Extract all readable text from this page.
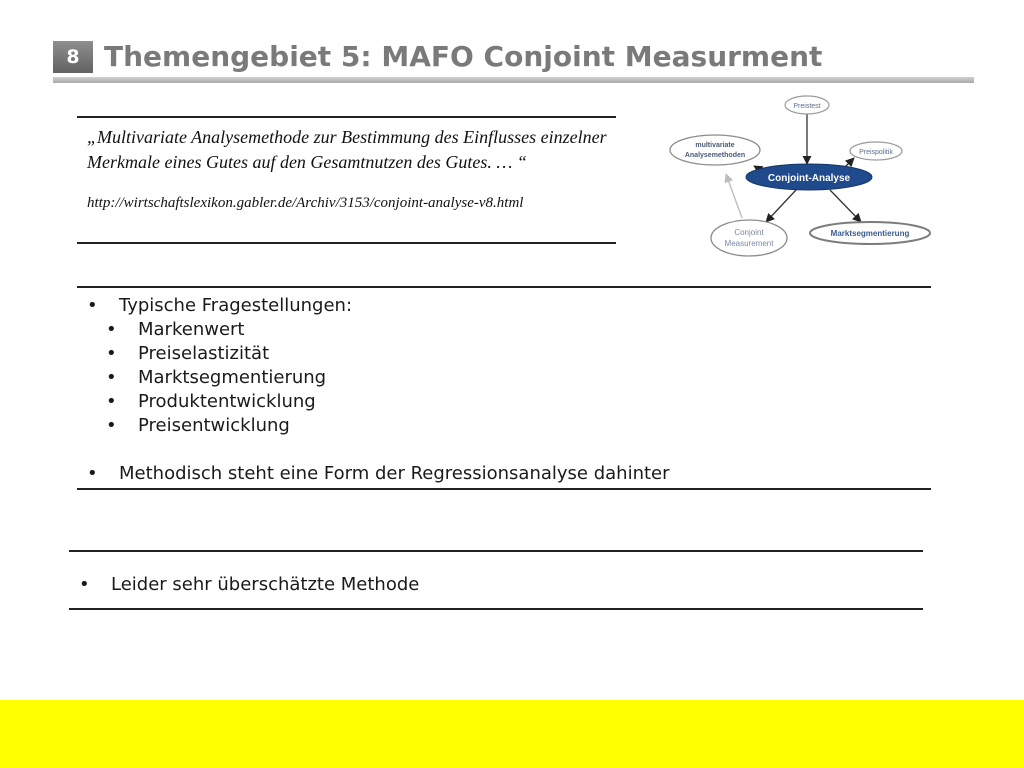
8 Themengebiet 5: MAFO Conjoint Measurment

„Multivariate Analysemethode zur Bestimmung des Einflusses einzelner Merkmale eines Gutes auf den Gesamtnutzen des Gutes. … “

http://wirtschaftslexikon.gabler.de/Archiv/3153/conjoint-analyse-v8.html
Preistest
Preispolitik
multivariate
Analysemethoden
Conjoint-Analyse
Conjoint
Measurement
Marktsegmentierung
• Typische Fragestellungen:
• Markenwert
• Preiselastizität
• Marktsegmentierung
• Produktentwicklung
• Preisentwicklung
• Methodisch steht eine Form der Regressionsanalyse dahinter
• Leider sehr überschätzte Methode
